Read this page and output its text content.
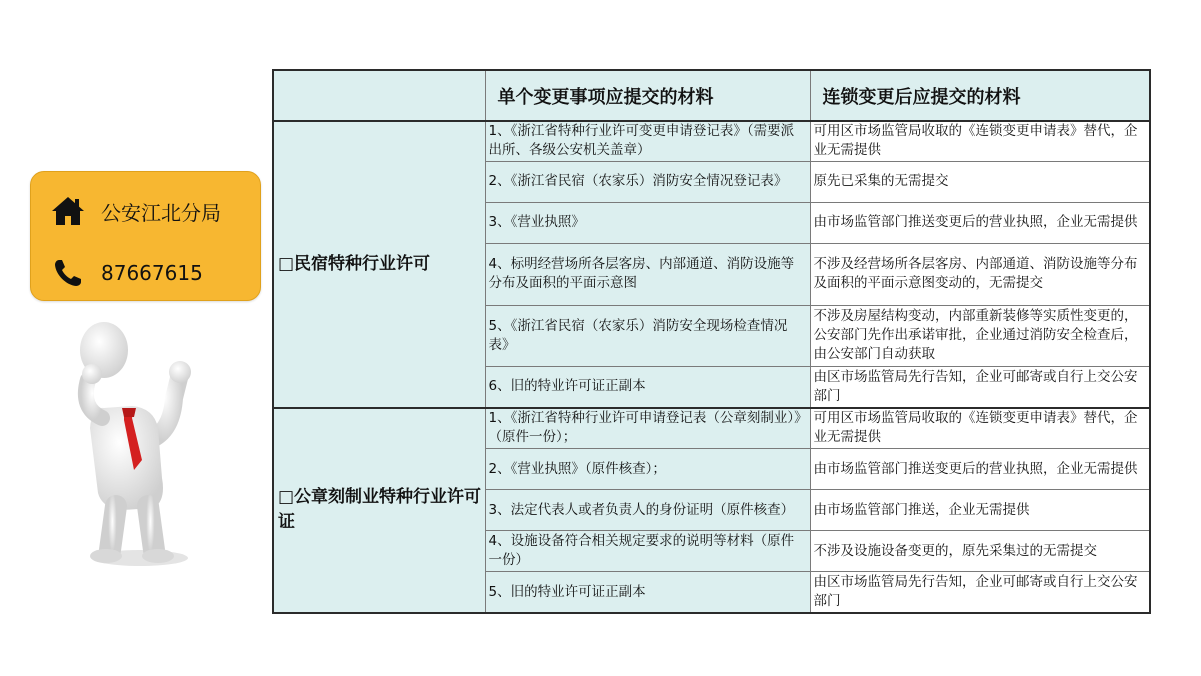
公安江北分局
87667615
	单个变更事项应提交的材料	连锁变更后应提交的材料
□民宿特种行业许可	1、《浙江省特种行业许可变更申请登记表》（需要派出所、各级公安机关盖章）	可用区市场监管局收取的《连锁变更申请表》替代，企业无需提供
	2、《浙江省民宿（农家乐）消防安全情况登记表》	原先已采集的无需提交
	3、《营业执照》	由市场监管部门推送变更后的营业执照，企业无需提供
	4、标明经营场所各层客房、内部通道、消防设施等分布及面积的平面示意图	不涉及经营场所各层客房、内部通道、消防设施等分布及面积的平面示意图变动的，无需提交
	5、《浙江省民宿（农家乐）消防安全现场检查情况表》	不涉及房屋结构变动，内部重新装修等实质性变更的，公安部门先作出承诺审批，企业通过消防安全检查后，由公安部门自动获取
	6、旧的特业许可证正副本	由区市场监管局先行告知，企业可邮寄或自行上交公安部门
□公章刻制业特种行业许可证	1、《浙江省特种行业许可申请登记表（公章刻制业）》（原件一份）；	可用区市场监管局收取的《连锁变更申请表》替代，企业无需提供
	2、《营业执照》（原件核查）；	由市场监管部门推送变更后的营业执照，企业无需提供
	3、法定代表人或者负责人的身份证明（原件核查）	由市场监管部门推送，企业无需提供
	4、设施设备符合相关规定要求的说明等材料（原件一份）	不涉及设施设备变更的，原先采集过的无需提交
	5、旧的特业许可证正副本	由区市场监管局先行告知，企业可邮寄或自行上交公安部门
